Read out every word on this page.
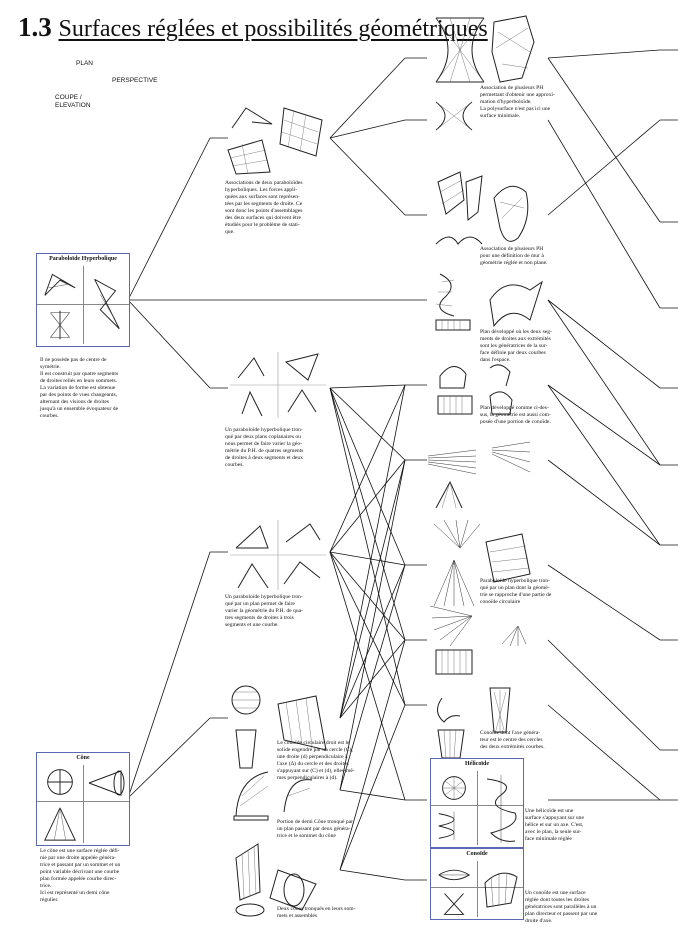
1.3 Surfaces réglées et possibilités géométriques
PLAN
PERSPECTIVE
COUPE /
ELEVATION
Paraboloïde Hyperbolique
Il ne possède pas de centre de
symétrie.
Il est construit par quatre segments
de droites reliés en leurs sommets.
La variation de forme est obtenue
par des points de vues changeants,
alternant des visions de droites
jusqu'à un ensemble évoquateur de
courbes.
Cône
Le cône est une surface réglée défi-
nie par une droite appelée généra-
trice et passant par un sommet et un
point variable décrivant une courbe
plan formée appelée courbe direc-
trice.
Ici est représenté un demi cône
régulier.
Associations de deux paraboloïdes
hyperboliques. Les forces appli-
quées aux surfaces sont représen-
tées par les segments de droite. Ce
sont donc les points d'assemblages
des deux surfaces qui doivent être
étudiés pour le problème de stati-
que.
Un paraboloïde hyperbolique tron-
qué par deux plans coplanaires ou
nous permet de faire varier la géo-
métrie du P.H. de quatres segments
de droites à deux segments et deux
courbes.
Un paraboloïde hyperbolique tron-
qué par un plan permet de faire
varier la géométrie du P.H. de qua-
tres segments de droites à trois
segments et une courbe.
Le conoïde circulaire droit est le
solide engendré par un cercle (C),
une droite (d) perpendiculaire à
l'axe (Δ) du cercle et des droites
s'appuyant sur (C) et (d), elles-mê-
mes perpendiculaires à (d).
Portion de demi Cône tronqué par
un plan passant par deux généra-
trice et le sommet du cône
Deux cônes tronqués en leurs som-
mets et assemblés
Association de plusieurs PH
permettant d'obtenir une approxi-
mation d'hyperboloïde.
La polysurface n'est pas ici une
surface minimale.
Association de plusieurs PH
pour une définition de mur à
géométrie réglée et non plane.
Plan développé où les deux seg-
ments de droites aux extrémités
sont les génératrices de la sur-
face définie par deux courbes
dans l'espace.
Plan développé comme ci-des-
sus, la géométrie est aussi com-
posée d'une portion de conoïde.
Paraboloïde hyperbolique tron-
qué par un plan dont la géomé-
trie se rapproche d'une partie de
conoïde circulaire
Conoïde dont l'axe généra-
teur est le centre des cercles
des deux extrémités courbes.
Hélicoïde
Une hélicoïde est une
surface s'appuyant sur une
hélice et sur un axe. C'est,
avec le plan, la seule sur-
face minimale réglée
Conoïde
Un conoïde est une surface
réglée dont toutes les droites
génératrices sont parallèles à un
plan directeur et passent par une
droite d'axe.
